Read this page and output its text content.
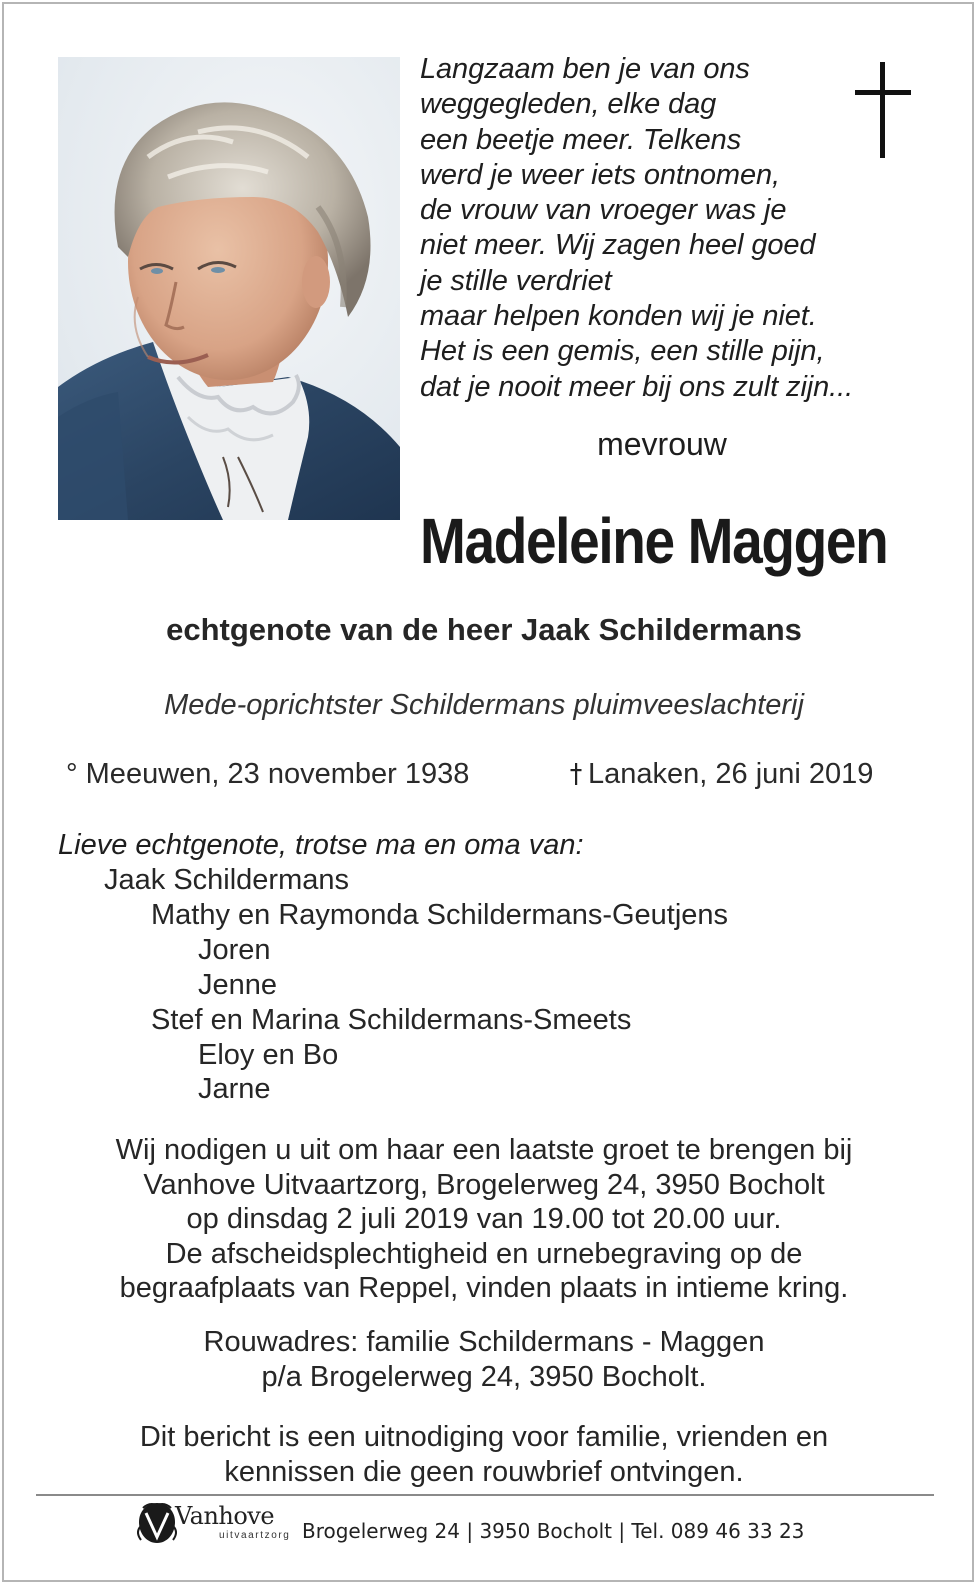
Langzaam ben je van ons
weggegleden, elke dag
een beetje meer. Telkens
werd je weer iets ontnomen,
de vrouw van vroeger was je
niet meer. Wij zagen heel goed
je stille verdriet
maar helpen konden wij je niet.
Het is een gemis, een stille pijn,
dat je nooit meer bij ons zult zijn...
mevrouw
Madeleine Maggen
echtgenote van de heer Jaak Schildermans
Mede-oprichtster Schildermans pluimveeslachterij
° Meeuwen, 23 november 1938	Lanaken, 26 juni 2019
Lieve echtgenote, trotse ma en oma van:
Jaak Schildermans
Mathy en Raymonda Schildermans-Geutjens
Joren
Jenne
Stef en Marina Schildermans-Smeets
Eloy en Bo
Jarne
Wij nodigen u uit om haar een laatste groet te brengen bij
Vanhove Uitvaartzorg, Brogelerweg 24, 3950 Bocholt
op dinsdag 2 juli 2019 van 19.00 tot 20.00 uur.
De afscheidsplechtigheid en urnebegraving op de
begraafplaats van Reppel, vinden plaats in intieme kring.
Rouwadres: familie Schildermans - Maggen
p/a Brogelerweg 24, 3950 Bocholt.
Dit bericht is een uitnodiging voor familie, vrienden en
kennissen die geen rouwbrief ontvingen.
Vanhove
uitvaartzorg Brogelerweg 24 | 3950 Bocholt | Tel. 089 46 33 23
